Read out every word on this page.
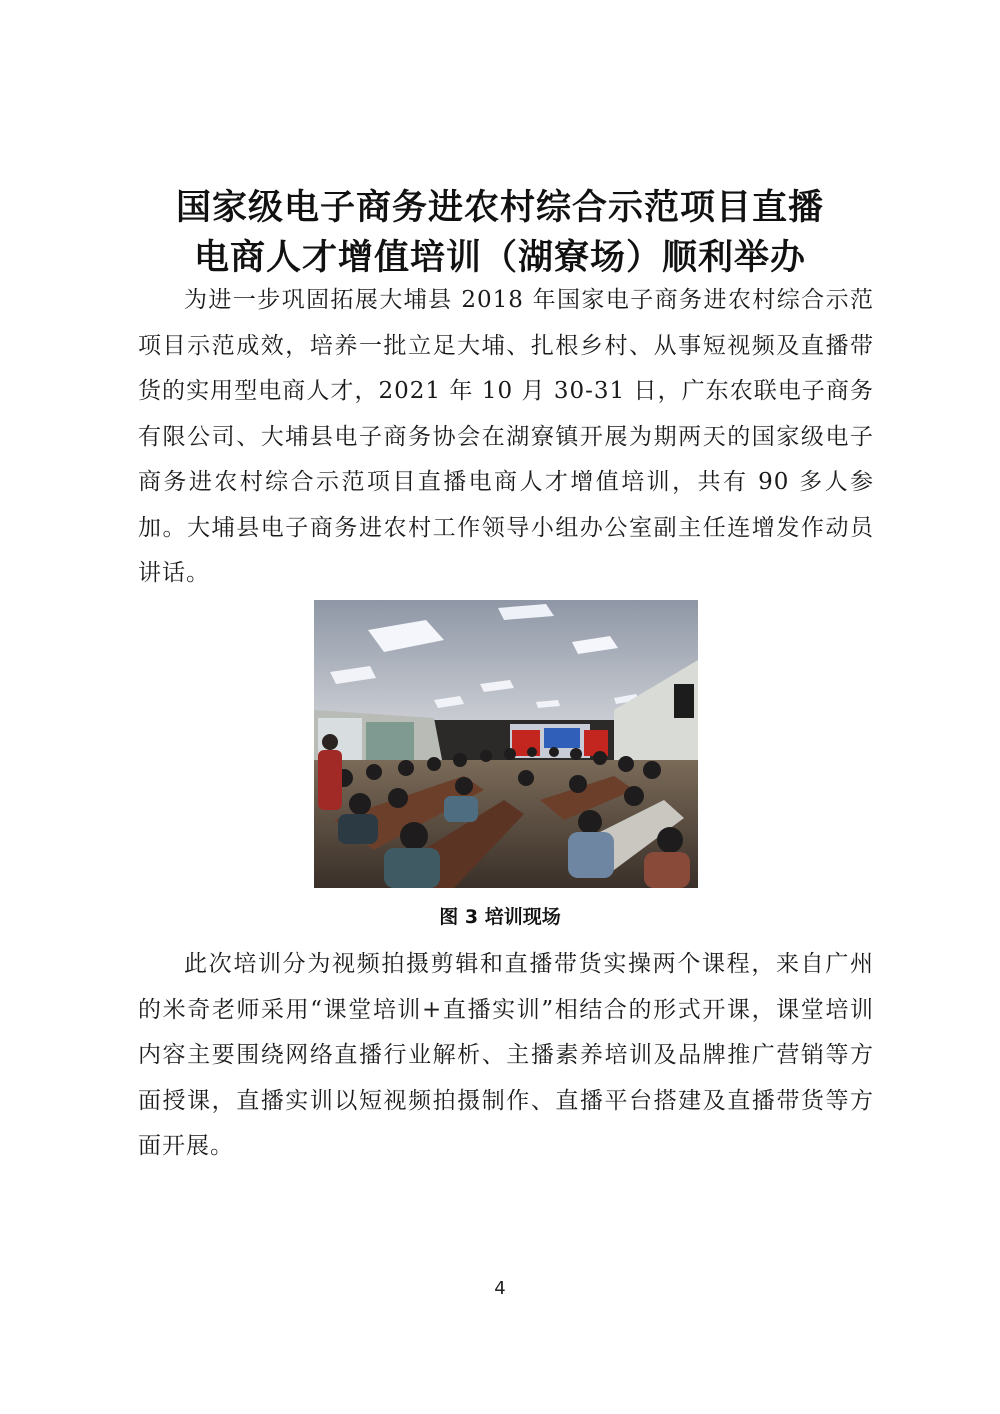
国家级电子商务进农村综合示范项目直播
电商人才增值培训（湖寮场）顺利举办

为进一步巩固拓展大埔县 2018 年国家电子商务进农村综合示范项目示范成效，培养一批立足大埔、扎根乡村、从事短视频及直播带货的实用型电商人才，2021 年 10 月 30-31 日，广东农联电子商务有限公司、大埔县电子商务协会在湖寮镇开展为期两天的国家级电子商务进农村综合示范项目直播电商人才增值培训，共有 90 多人参加。大埔县电子商务进农村工作领导小组办公室副主任连增发作动员讲话。

图 3 培训现场

此次培训分为视频拍摄剪辑和直播带货实操两个课程，来自广州的米奇老师采用“课堂培训+直播实训”相结合的形式开课，课堂培训内容主要围绕网络直播行业解析、主播素养培训及品牌推广营销等方面授课，直播实训以短视频拍摄制作、直播平台搭建及直播带货等方面开展。

4
